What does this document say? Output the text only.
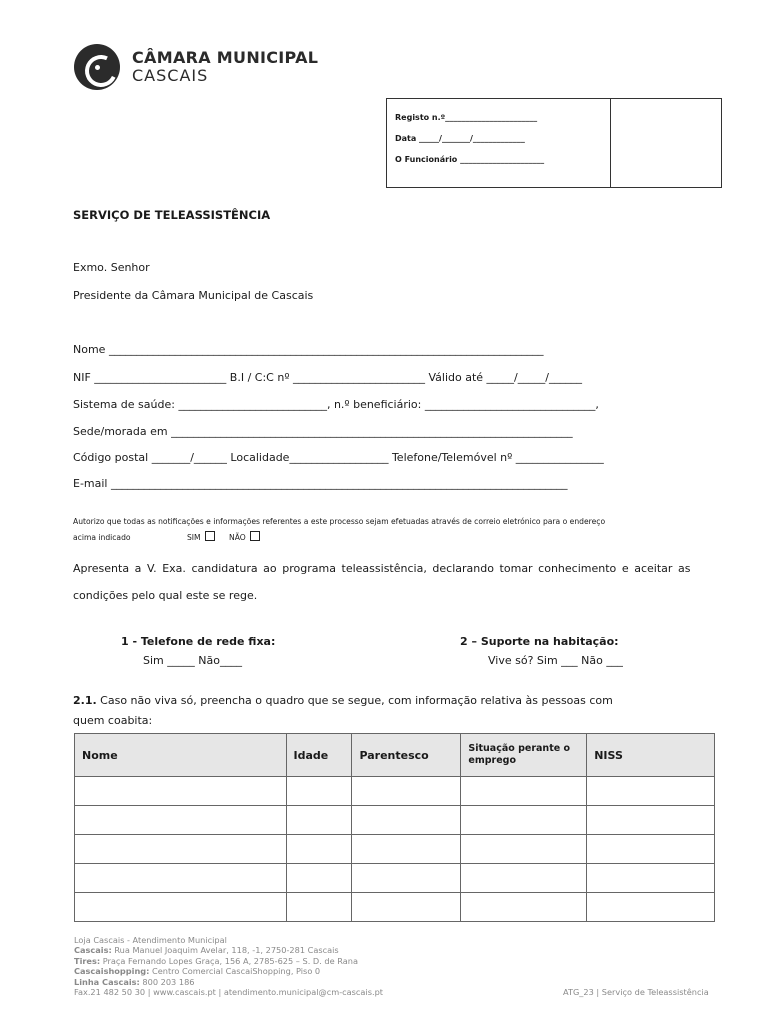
CÂMARA MUNICIPAL
CASCAIS
Registo n.º_______________________
Data _____/_______/_____________
O Funcionário _____________________
SERVIÇO DE TELEASSISTÊNCIA
Exmo. Senhor
Presidente da Câmara Municipal de Cascais
Nome _______________________________________________________________________________
NIF ________________________ B.I / C:C nº ________________________ Válido até _____/_____/______
Sistema de saúde: ___________________________, n.º beneficiário: _______________________________,
Sede/morada em _________________________________________________________________________
Código postal _______/______ Localidade__________________ Telefone/Telemóvel nº ________________
E-mail ___________________________________________________________________________________
Autorizo que todas as notificações e informações referentes a este processo sejam efetuadas através de correio eletrónico para o endereço
acima indicado	SIM	NÃO
Apresenta a V. Exa. candidatura ao programa teleassistência, declarando tomar conhecimento e aceitar as
condições pelo qual este se rege.
1 - Telefone de rede fixa:
Sim _____ Não____
2 – Suporte na habitação:
Vive só? Sim ___ Não ___
2.1. Caso não viva só, preencha o quadro que se segue, com informação relativa às pessoas com
quem coabita:
Nome	Idade	Parentesco	Situação perante o emprego	NISS

Loja Cascais - Atendimento Municipal
Cascais: Rua Manuel Joaquim Avelar, 118, -1, 2750-281 Cascais
Tires: Praça Fernando Lopes Graça, 156 A, 2785-625 – S. D. de Rana
Cascaishopping: Centro Comercial CascaiShopping, Piso 0
Linha Cascais: 800 203 186
Fax.21 482 50 30 | www.cascais.pt | atendimento.municipal@cm-cascais.pt	ATG_23 | Serviço de Teleassistência
